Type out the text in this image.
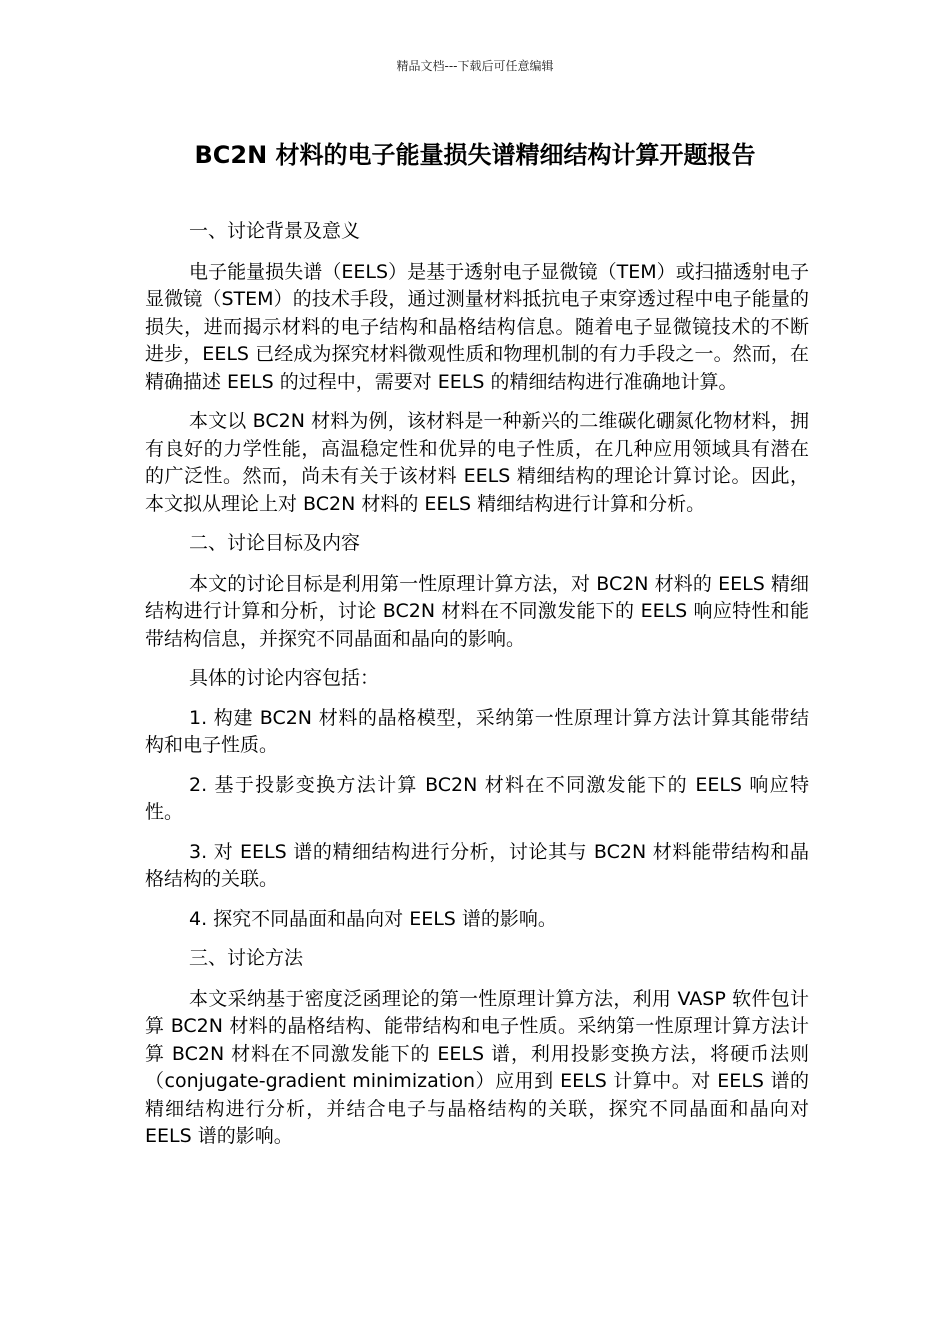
精品文档---下载后可任意编辑
BC2N 材料的电子能量损失谱精细结构计算开题报告

一、讨论背景及意义

电子能量损失谱（EELS）是基于透射电子显微镜（TEM）或扫描透射电子显微镜（STEM）的技术手段，通过测量材料抵抗电子束穿透过程中电子能量的损失，进而揭示材料的电子结构和晶格结构信息。随着电子显微镜技术的不断进步，EELS 已经成为探究材料微观性质和物理机制的有力手段之一。然而，在精确描述 EELS 的过程中，需要对 EELS 的精细结构进行准确地计算。

本文以 BC2N 材料为例，该材料是一种新兴的二维碳化硼氮化物材料，拥有良好的力学性能，高温稳定性和优异的电子性质，在几种应用领域具有潜在的广泛性。然而，尚未有关于该材料 EELS 精细结构的理论计算讨论。因此，本文拟从理论上对 BC2N 材料的 EELS 精细结构进行计算和分析。

二、讨论目标及内容

本文的讨论目标是利用第一性原理计算方法，对 BC2N 材料的 EELS 精细结构进行计算和分析，讨论 BC2N 材料在不同激发能下的 EELS 响应特性和能带结构信息，并探究不同晶面和晶向的影响。

具体的讨论内容包括：

1. 构建 BC2N 材料的晶格模型，采纳第一性原理计算方法计算其能带结构和电子性质。

2. 基于投影变换方法计算 BC2N 材料在不同激发能下的 EELS 响应特性。

3. 对 EELS 谱的精细结构进行分析，讨论其与 BC2N 材料能带结构和晶格结构的关联。

4. 探究不同晶面和晶向对 EELS 谱的影响。

三、讨论方法

本文采纳基于密度泛函理论的第一性原理计算方法，利用 VASP 软件包计算 BC2N 材料的晶格结构、能带结构和电子性质。采纳第一性原理计算方法计算 BC2N 材料在不同激发能下的 EELS 谱，利用投影变换方法，将硬币法则（conjugate-gradient minimization）应用到 EELS 计算中。对 EELS 谱的精细结构进行分析，并结合电子与晶格结构的关联，探究不同晶面和晶向对 EELS 谱的影响。
